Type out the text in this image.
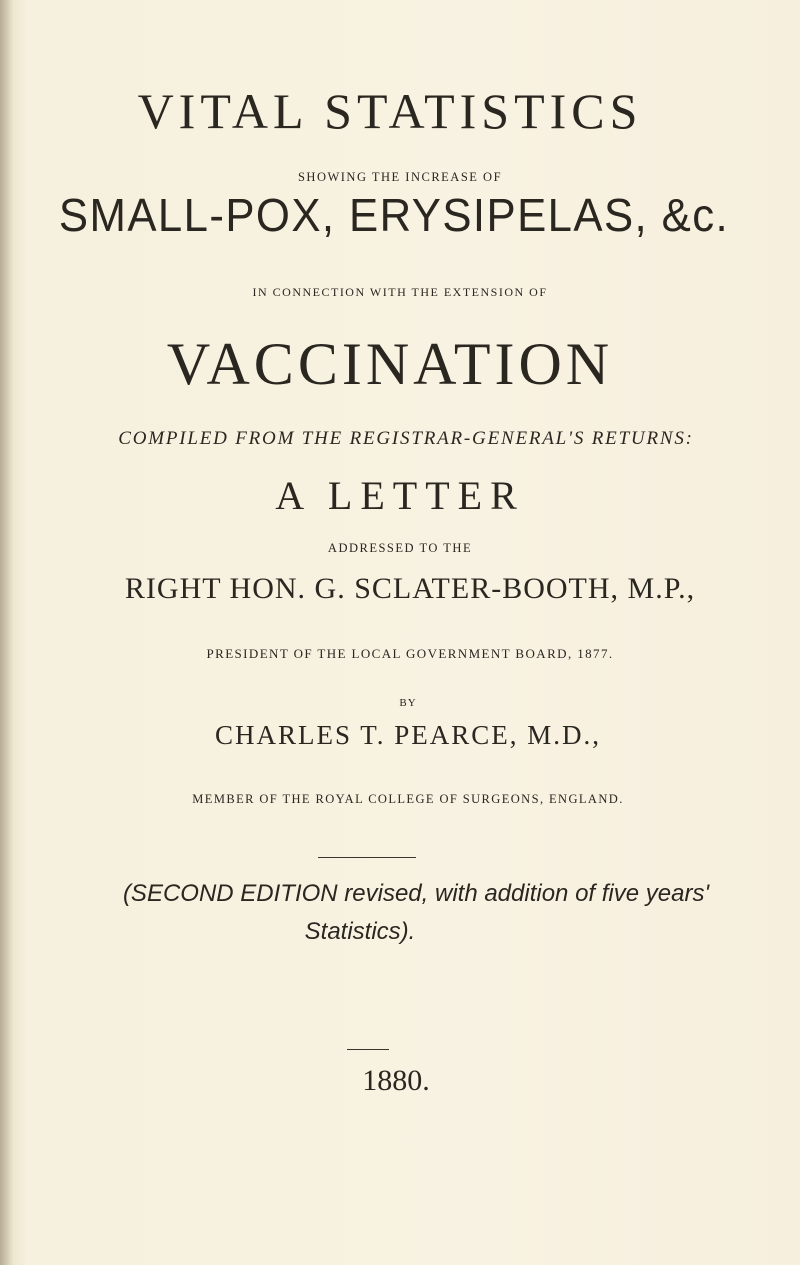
VITAL STATISTICS
SHOWING THE INCREASE OF
SMALL-POX, ERYSIPELAS, &c.
IN CONNECTION WITH THE EXTENSION OF
VACCINATION
COMPILED FROM THE REGISTRAR-GENERAL'S RETURNS:
A LETTER
ADDRESSED TO THE
RIGHT HON. G. SCLATER-BOOTH, M.P.,
PRESIDENT OF THE LOCAL GOVERNMENT BOARD, 1877.
BY
CHARLES T. PEARCE, M.D.,
MEMBER OF THE ROYAL COLLEGE OF SURGEONS, ENGLAND.
(SECOND EDITION revised, with addition of five years'
Statistics).
1880.
